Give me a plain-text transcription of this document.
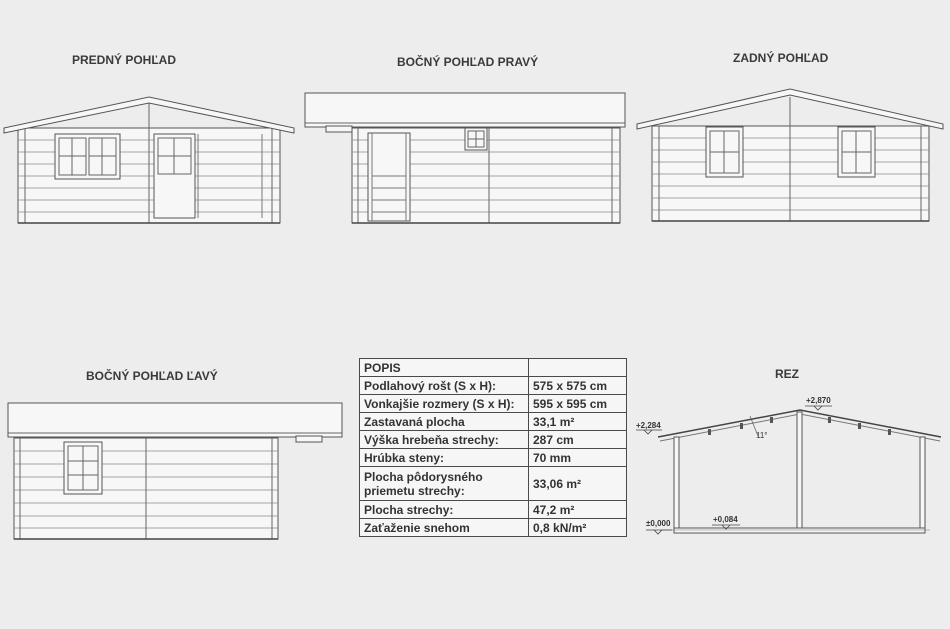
PREDNÝ POHĽAD	BOČNÝ POHĽAD PRAVÝ	ZADNÝ POHĽAD
BOČNÝ POHĽAD ĽAVÝ	REZ
+2,870
+2,284
±0,000	+0,084
11°
POPIS	
Podlahový rošt (S x H):	575 x 575 cm
Vonkajšie rozmery (S x H):	595 x 595 cm
Zastavaná plocha	33,1 m²
Výška hrebeňa strechy:	287 cm
Hrúbka steny:	70 mm
Plocha pôdorysného priemetu strechy:	33,06 m²
Plocha strechy:	47,2 m²
Zaťaženie snehom	0,8 kN/m²
